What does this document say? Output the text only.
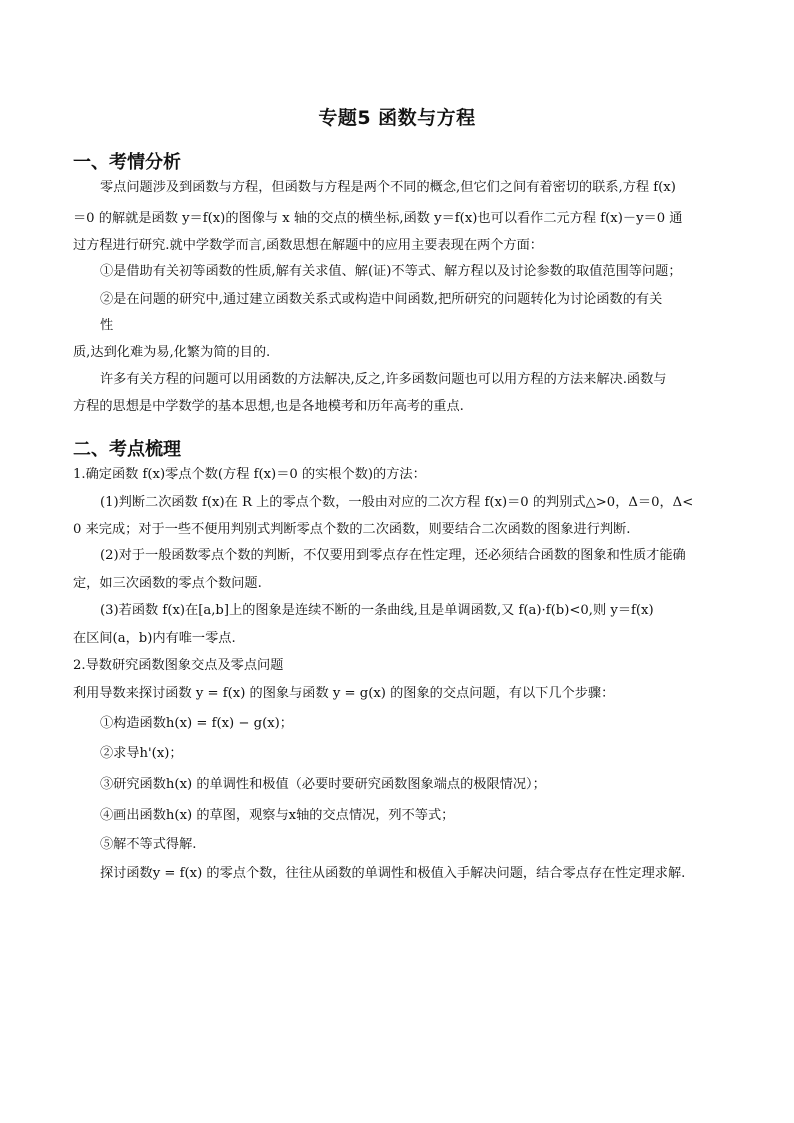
专题5 函数与方程
一、考情分析
零点问题涉及到函数与方程，但函数与方程是两个不同的概念,但它们之间有着密切的联系,方程 f(x)
＝0 的解就是函数 y＝f(x)的图像与 x 轴的交点的横坐标,函数 y＝f(x)也可以看作二元方程 f(x)－y＝0 通
过方程进行研究.就中学数学而言,函数思想在解题中的应用主要表现在两个方面：
①是借助有关初等函数的性质,解有关求值、解(证)不等式、解方程以及讨论参数的取值范围等问题；
②是在问题的研究中,通过建立函数关系式或构造中间函数,把所研究的问题转化为讨论函数的有关
性
质,达到化难为易,化繁为简的目的.
许多有关方程的问题可以用函数的方法解决,反之,许多函数问题也可以用方程的方法来解决.函数与
方程的思想是中学数学的基本思想,也是各地模考和历年高考的重点.
二、考点梳理
1.确定函数 f(x)零点个数(方程 f(x)＝0 的实根个数)的方法：
(1)判断二次函数 f(x)在 R 上的零点个数，一般由对应的二次方程 f(x)＝0 的判别式△>0，Δ＝0，Δ<
0 来完成；对于一些不便用判别式判断零点个数的二次函数，则要结合二次函数的图象进行判断.
(2)对于一般函数零点个数的判断，不仅要用到零点存在性定理，还必须结合函数的图象和性质才能确
定，如三次函数的零点个数问题.
(3)若函数 f(x)在[a,b]上的图象是连续不断的一条曲线,且是单调函数,又 f(a)·f(b)<0,则 y＝f(x)
在区间(a，b)内有唯一零点.
2.导数研究函数图象交点及零点问题
利用导数来探讨函数 y = f(x) 的图象与函数 y = g(x) 的图象的交点问题，有以下几个步骤：
①构造函数h(x) = f(x) − g(x)；
②求导h'(x)；
③研究函数h(x) 的单调性和极值（必要时要研究函数图象端点的极限情况）；
④画出函数h(x) 的草图，观察与x轴的交点情况，列不等式；
⑤解不等式得解.
探讨函数y = f(x) 的零点个数，往往从函数的单调性和极值入手解决问题，结合零点存在性定理求解.
